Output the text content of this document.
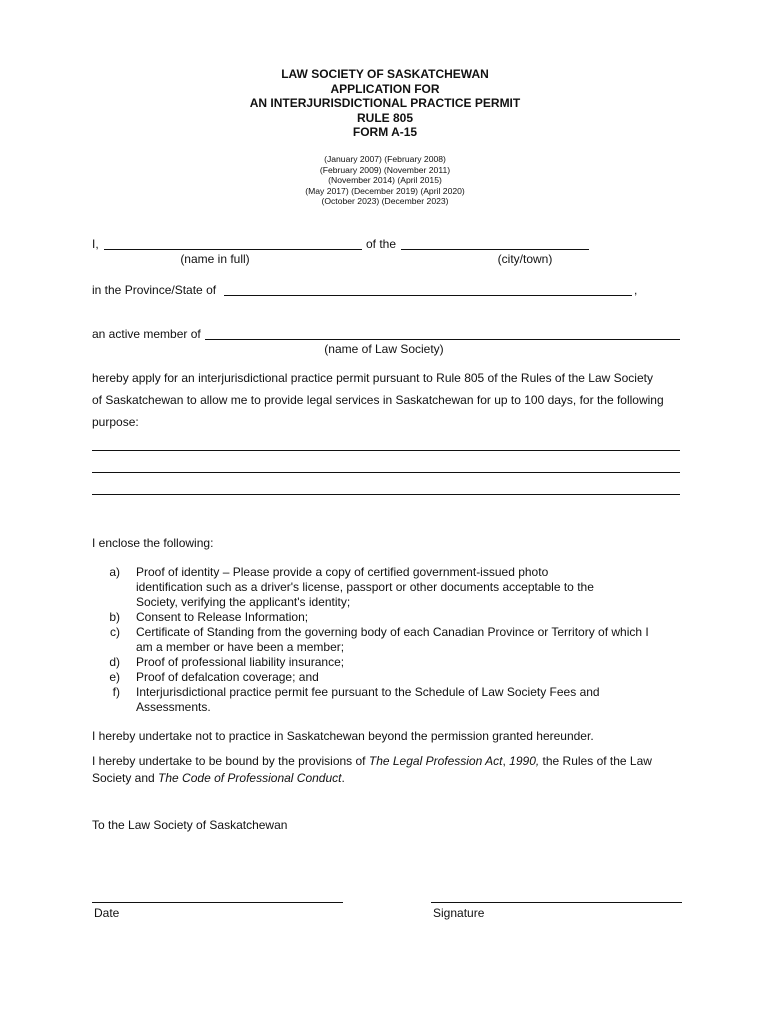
LAW SOCIETY OF SASKATCHEWAN
APPLICATION FOR
AN INTERJURISDICTIONAL PRACTICE PERMIT
RULE 805
FORM A-15
(January 2007) (February 2008)
(February 2009) (November 2011)
(November 2014) (April 2015)
(May 2017) (December 2019) (April 2020)
(October 2023) (December 2023)
I,	of the
(name in full)	(city/town)
in the Province/State of	,
an active member of
(name of Law Society)
hereby apply for an interjurisdictional practice permit pursuant to Rule 805 of the Rules of the Law Society
of Saskatchewan to allow me to provide legal services in Saskatchewan for up to 100 days, for the following
purpose:
I enclose the following:
a) Proof of identity – Please provide a copy of certified government-issued photo
identification such as a driver's license, passport or other documents acceptable to the
Society, verifying the applicant's identity;
b) Consent to Release Information;
c) Certificate of Standing from the governing body of each Canadian Province or Territory of which I
am a member or have been a member;
d) Proof of professional liability insurance;
e) Proof of defalcation coverage; and
f) Interjurisdictional practice permit fee pursuant to the Schedule of Law Society Fees and
Assessments.
I hereby undertake not to practice in Saskatchewan beyond the permission granted hereunder.
I hereby undertake to be bound by the provisions of The Legal Profession Act, 1990, the Rules of the Law
Society and The Code of Professional Conduct.
To the Law Society of Saskatchewan
Date	Signature
